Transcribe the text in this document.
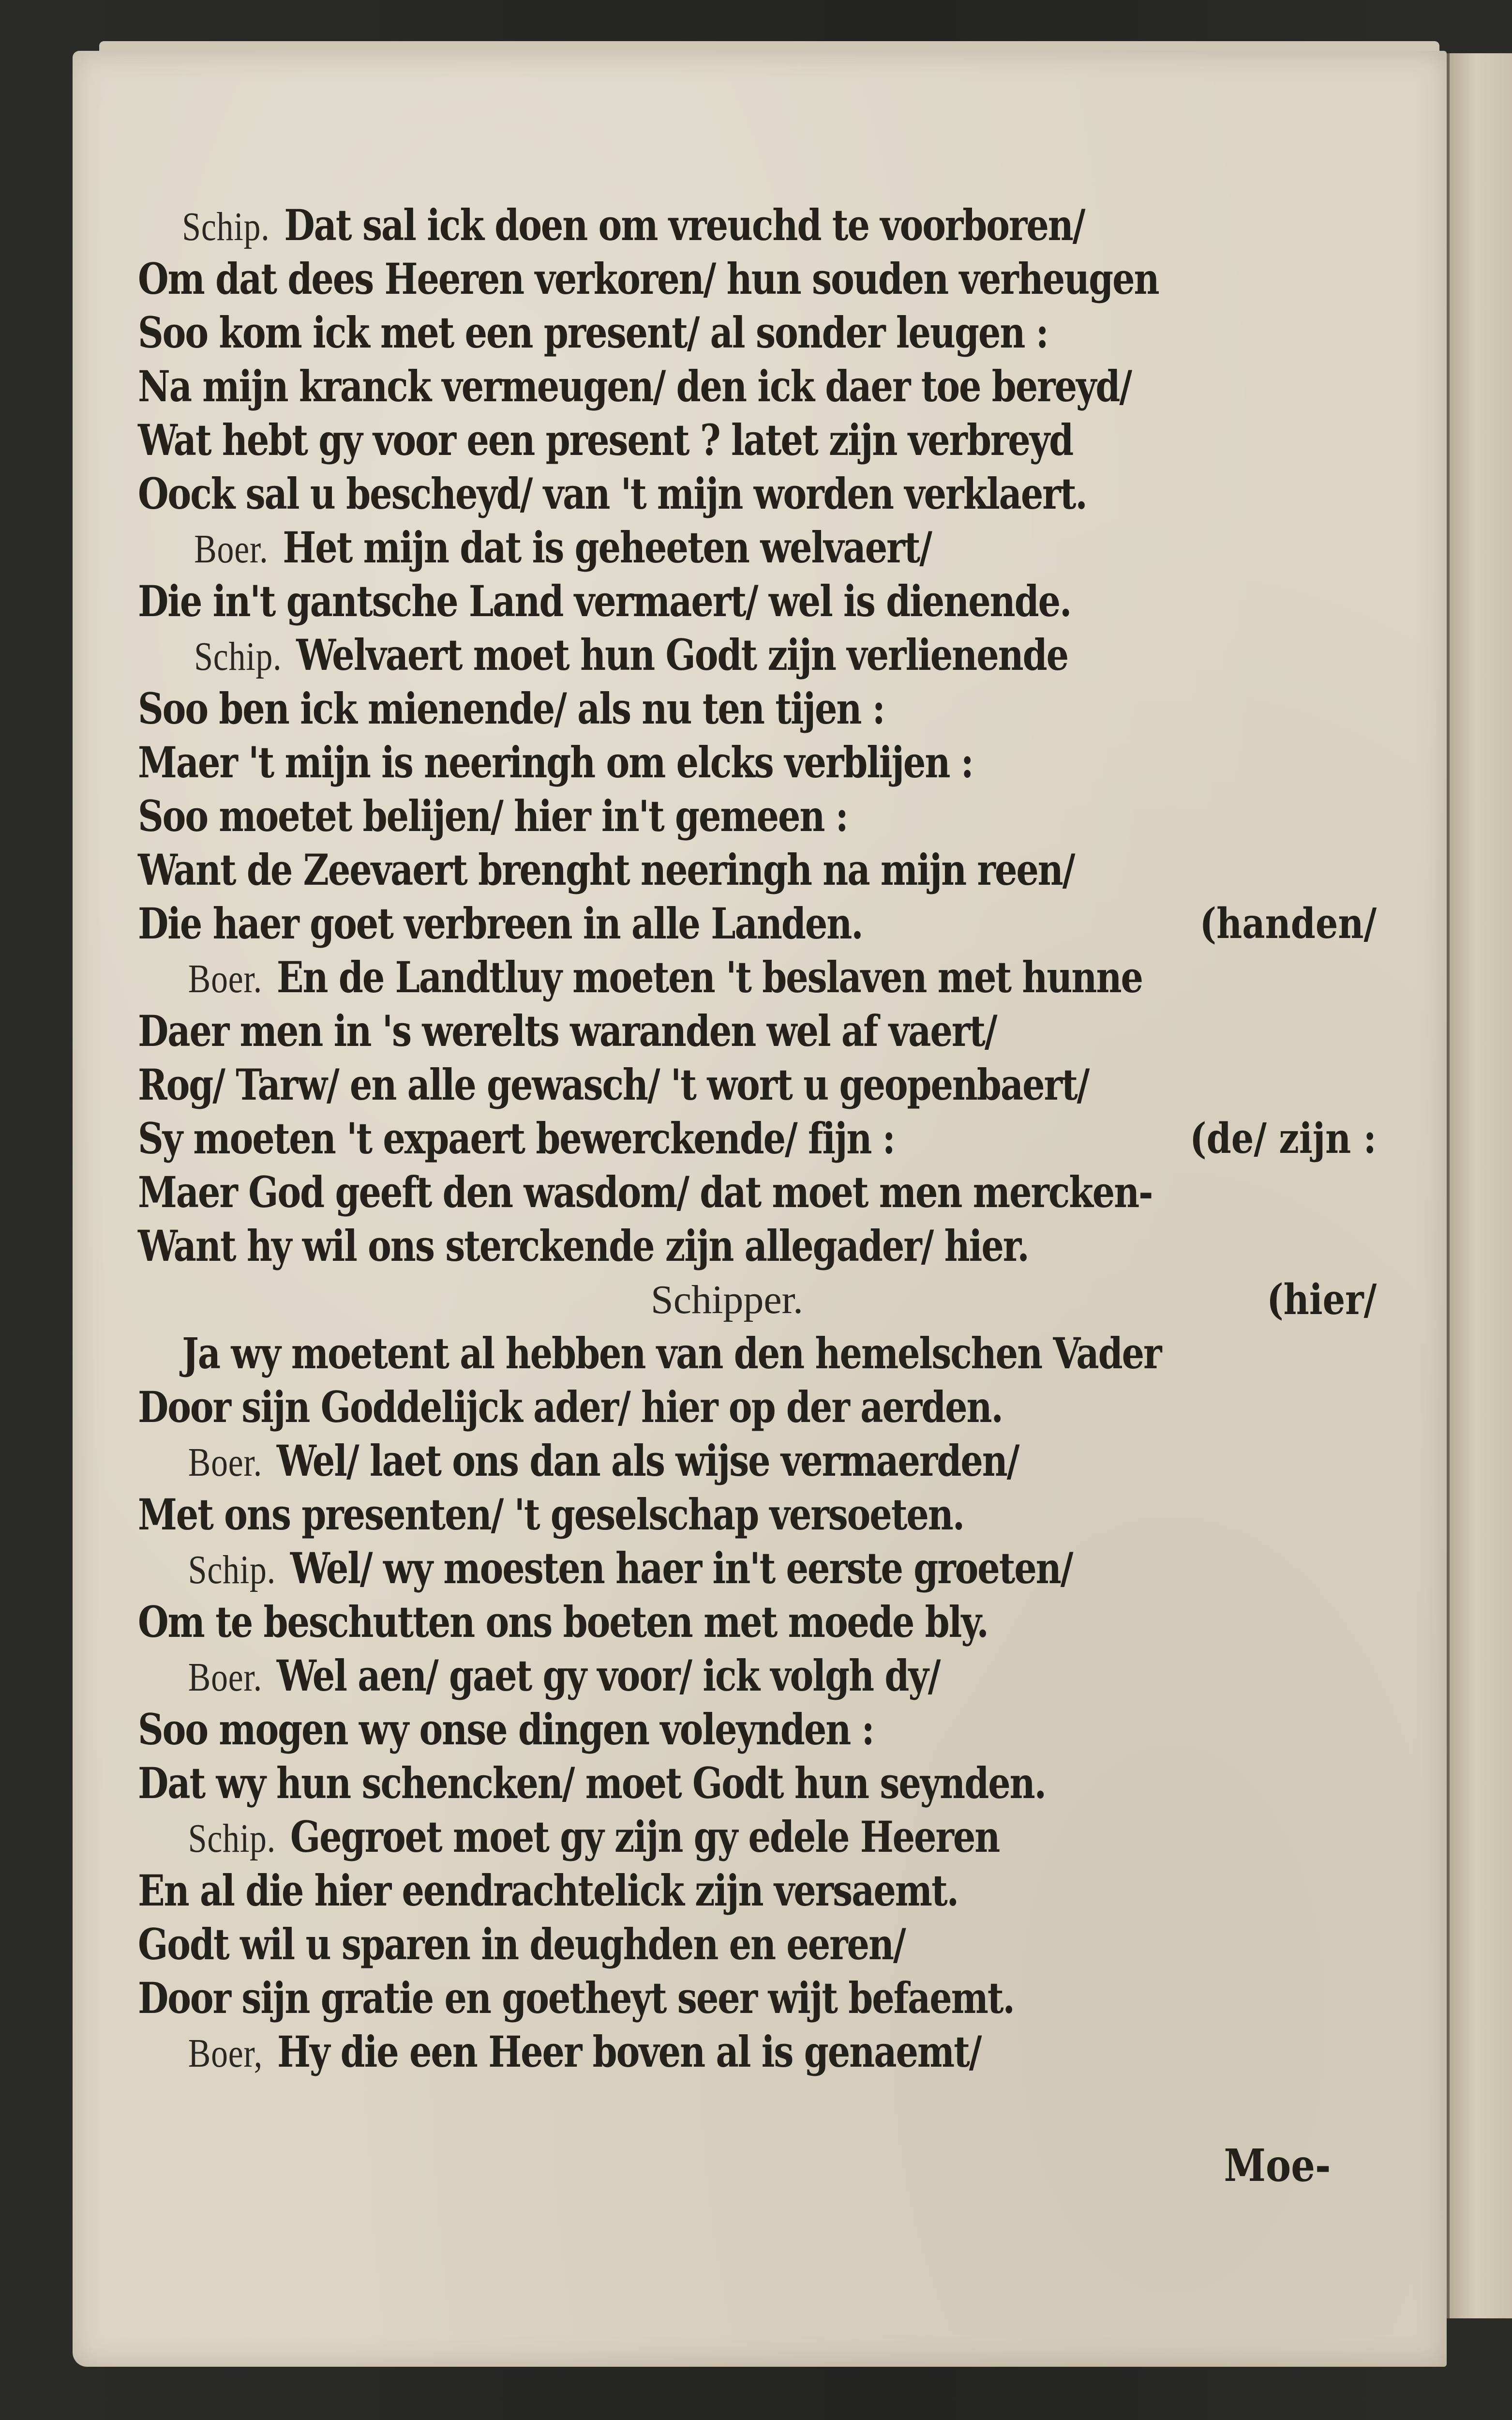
Schip. Dat sal ick doen om vreuchd te voorboren/
Om dat dees Heeren verkoren/ hun souden verheugen
Soo kom ick met een present/ al sonder leugen :
Na mijn kranck vermeugen/ den ick daer toe bereyd/
Wat hebt gy voor een present ? latet zijn verbreyd
Oock sal u bescheyd/ van 't mijn worden verklaert.
Boer. Het mijn dat is geheeten welvaert/
Die in't gantsche Land vermaert/ wel is dienende.
Schip. Welvaert moet hun Godt zijn verlienende
Soo ben ick mienende/ als nu ten tijen :
Maer 't mijn is neeringh om elcks verblijen :
Soo moetet belijen/ hier in't gemeen :
Want de Zeevaert brenght neeringh na mijn reen/
Die haer goet verbreen in alle Landen.	(handen/
Boer. En de Landtluy moeten 't beslaven met hunne
Daer men in 's werelts waranden wel af vaert/
Rog/ Tarw/ en alle gewasch/ 't wort u geopenbaert/
Sy moeten 't expaert bewerckende/ fijn :	(de/ zijn :
Maer God geeft den wasdom/ dat moet men mercken-
Want hy wil ons sterckende zijn allegader/ hier.
Schipper.	(hier/
Ja wy moetent al hebben van den hemelschen Vader
Door sijn Goddelijck ader/ hier op der aerden.
Boer. Wel/ laet ons dan als wijse vermaerden/
Met ons presenten/ 't geselschap versoeten.
Schip. Wel/ wy moesten haer in't eerste groeten/
Om te beschutten ons boeten met moede bly.
Boer. Wel aen/ gaet gy voor/ ick volgh dy/
Soo mogen wy onse dingen voleynden :
Dat wy hun schencken/ moet Godt hun seynden.
Schip. Gegroet moet gy zijn gy edele Heeren
En al die hier eendrachtelick zijn versaemt.
Godt wil u sparen in deughden en eeren/
Door sijn gratie en goetheyt seer wijt befaemt.
Boer, Hy die een Heer boven al is genaemt/
Moe-
